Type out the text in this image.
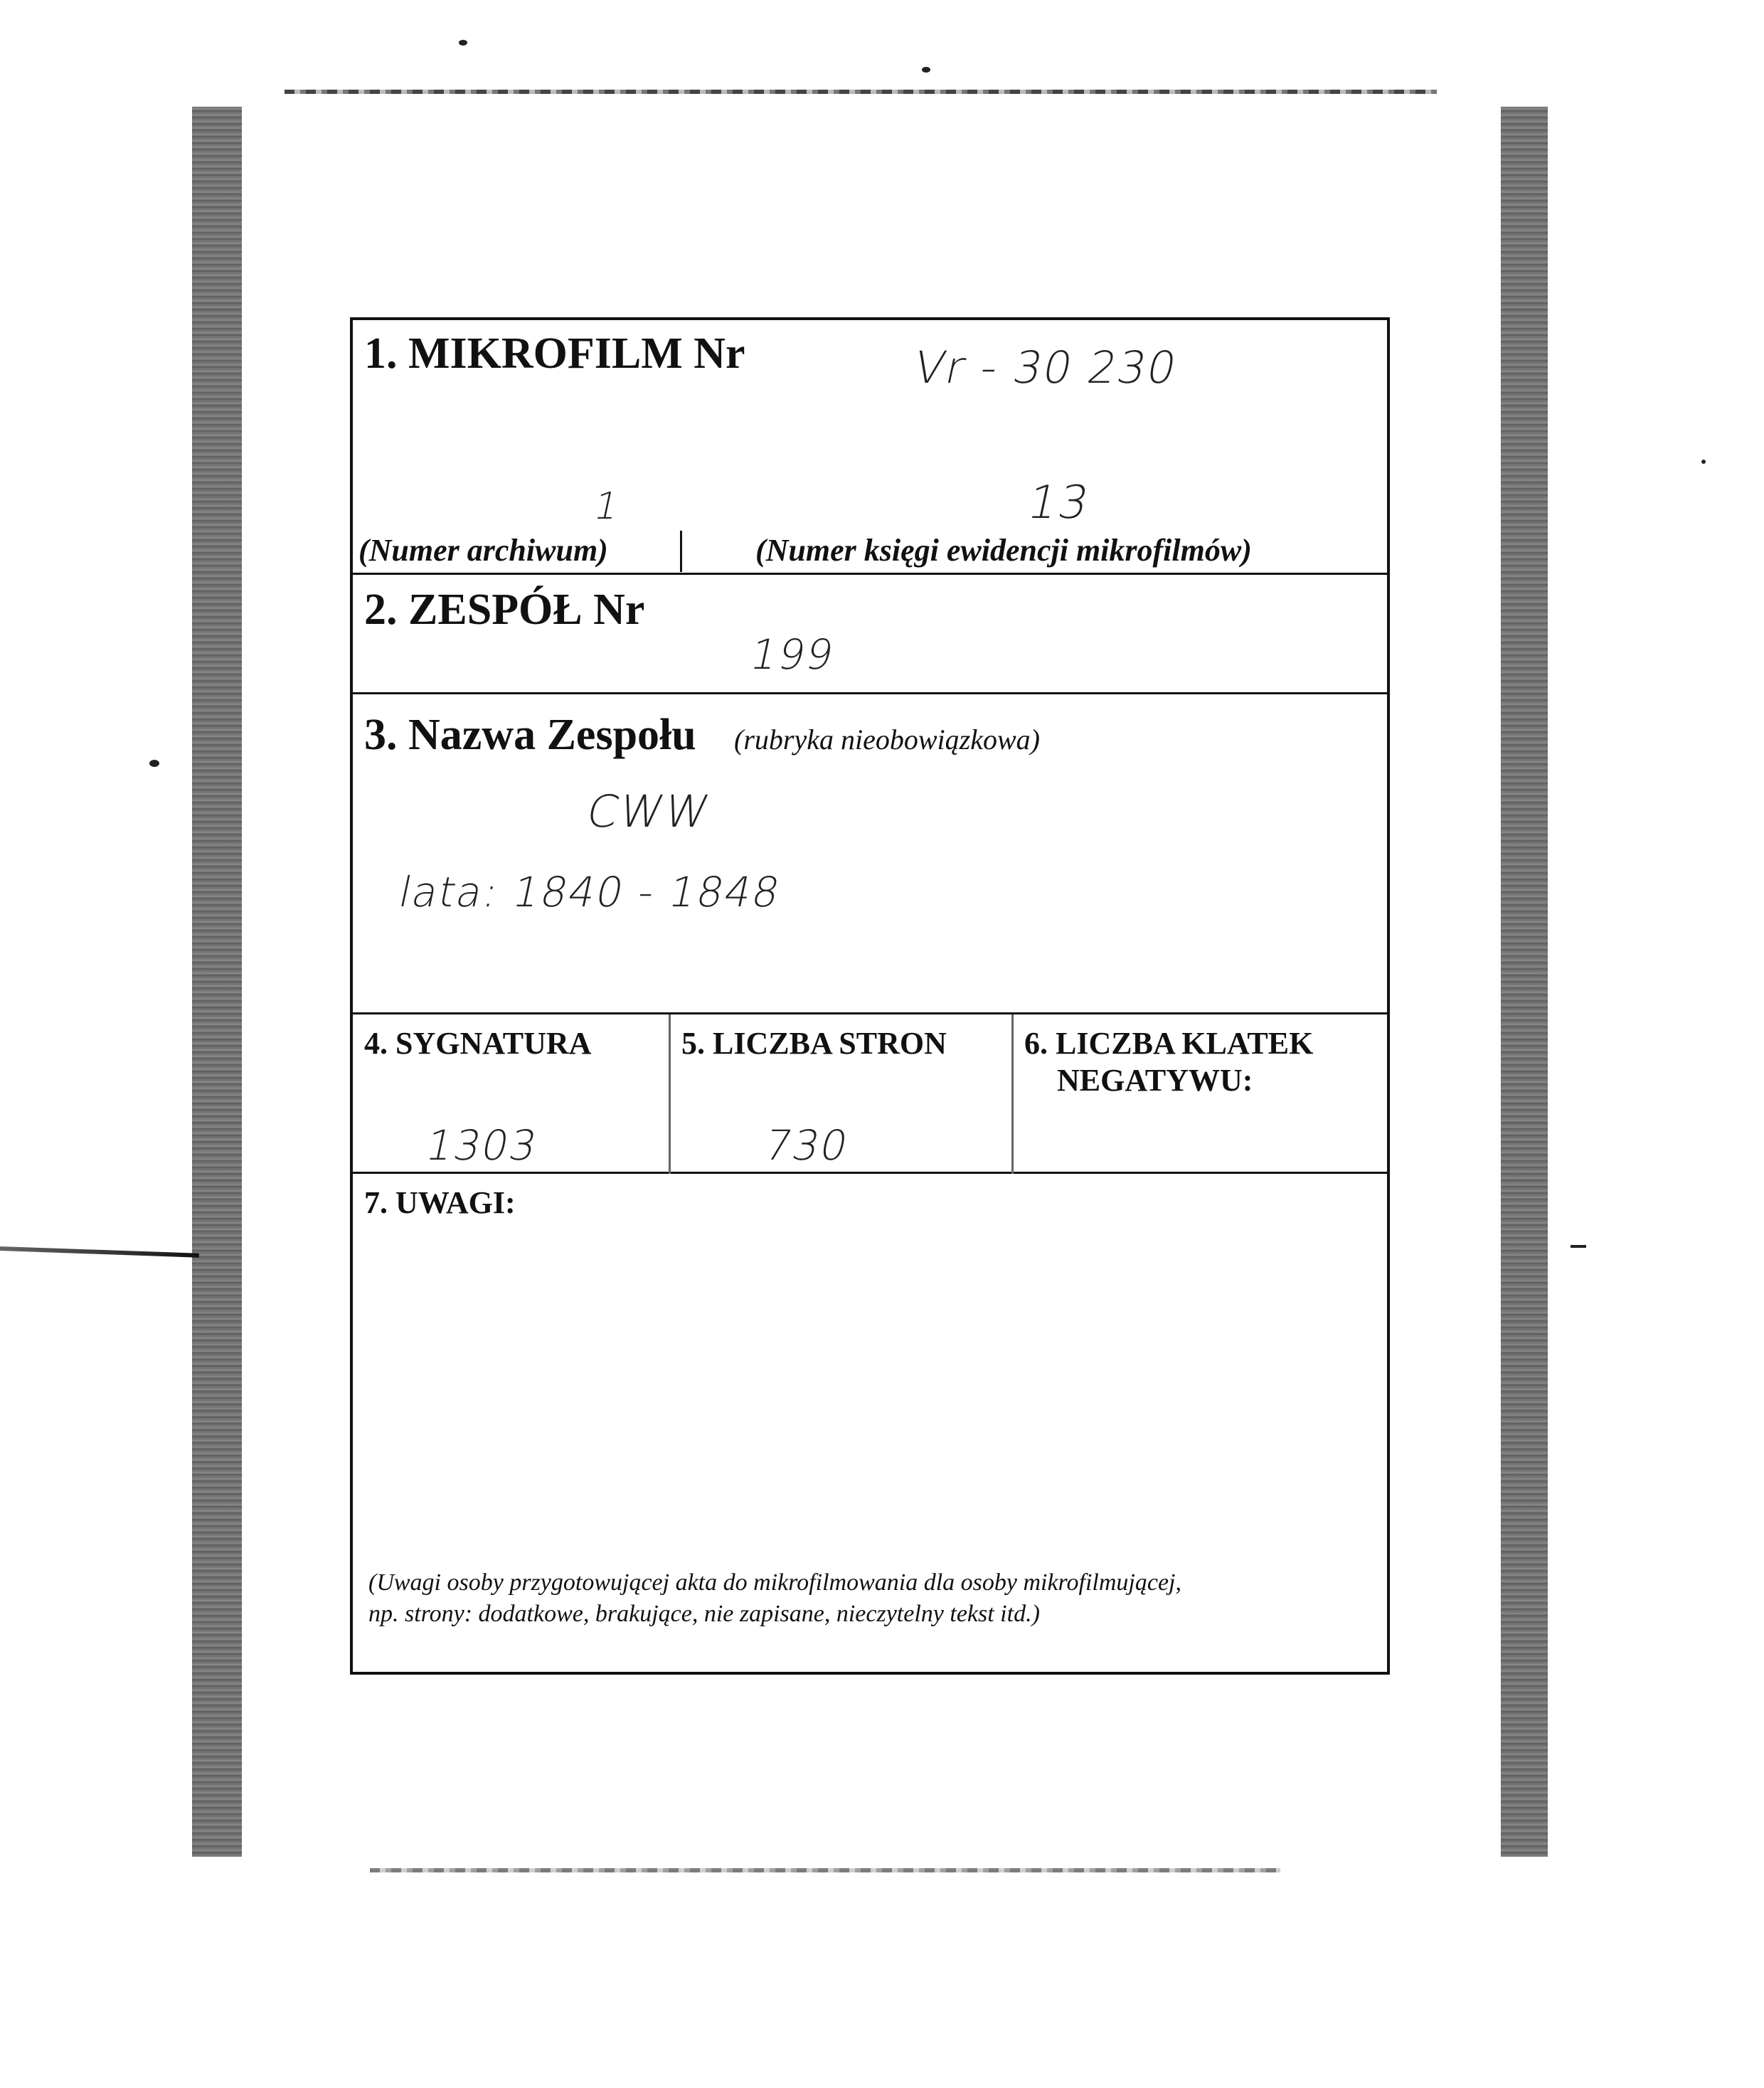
1. MIKROFILM Nr	Vr - 30 230
1	13
(Numer archiwum)	(Numer księgi ewidencji mikrofilmów)
2. ZESPÓŁ Nr
199
3. Nazwa Zespołu (rubryka nieobowiązkowa)
CWW
lata: 1840 - 1848
4. SYGNATURA
1303
5. LICZBA STRON
730
6. LICZBA KLATEK
NEGATYWU:
7. UWAGI:
(Uwagi osoby przygotowującej akta do mikrofilmowania dla osoby mikrofilmującej,
np. strony: dodatkowe, brakujące, nie zapisane, nieczytelny tekst itd.)
